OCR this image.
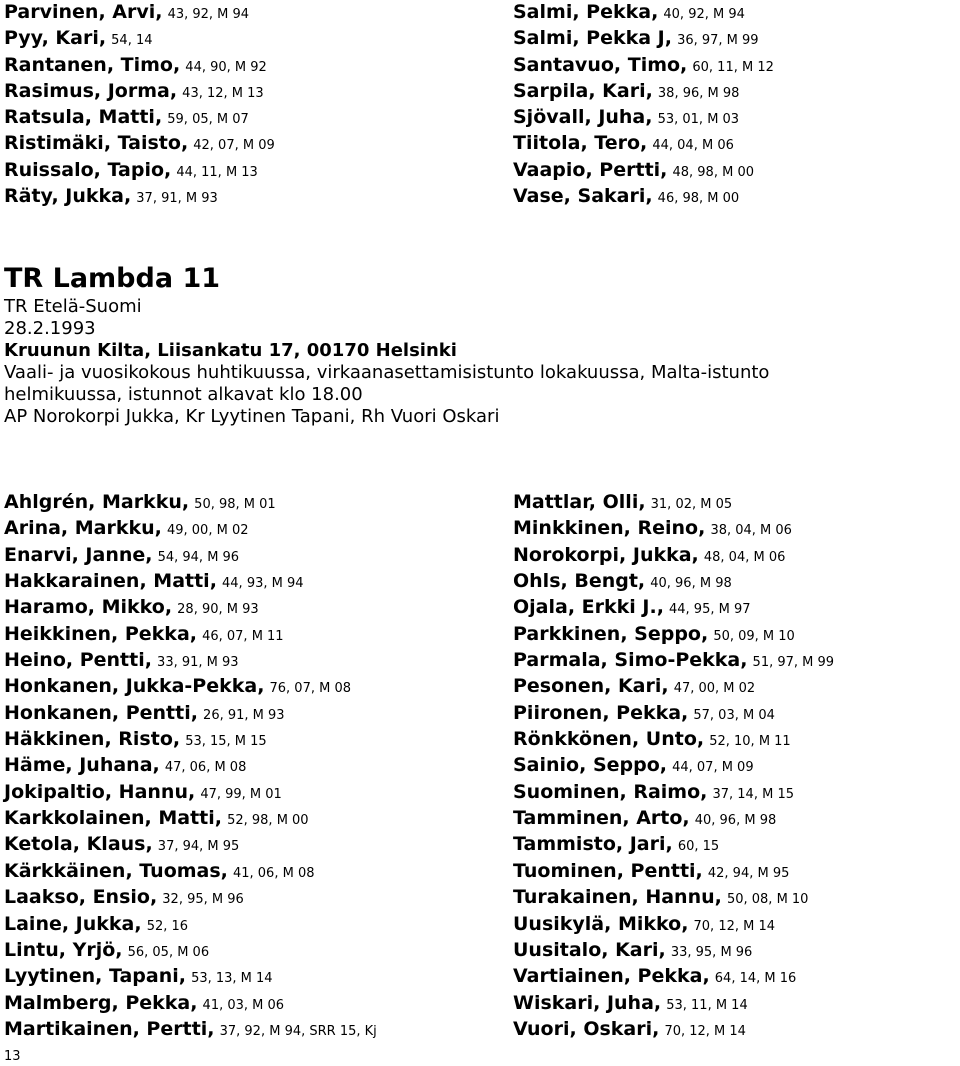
Parvinen, Arvi, 43, 92, M 94
Pyy, Kari, 54, 14
Rantanen, Timo, 44, 90, M 92
Rasimus, Jorma, 43, 12, M 13
Ratsula, Matti, 59, 05, M 07
Ristimäki, Taisto, 42, 07, M 09
Ruissalo, Tapio, 44, 11, M 13
Räty, Jukka, 37, 91, M 93
Salmi, Pekka, 40, 92, M 94
Salmi, Pekka J, 36, 97, M 99
Santavuo, Timo, 60, 11, M 12
Sarpila, Kari, 38, 96, M 98
Sjövall, Juha, 53, 01, M 03
Tiitola, Tero, 44, 04, M 06
Vaapio, Pertti, 48, 98, M 00
Vase, Sakari, 46, 98, M 00
TR Lambda 11
TR Etelä-Suomi
28.2.1993
Kruunun Kilta, Liisankatu 17, 00170 Helsinki
Vaali- ja vuosikokous huhtikuussa, virkaanasettamisistunto lokakuussa, Malta-istunto
helmikuussa, istunnot alkavat klo 18.00
AP Norokorpi Jukka, Kr Lyytinen Tapani, Rh Vuori Oskari
Ahlgrén, Markku, 50, 98, M 01
Arina, Markku, 49, 00, M 02
Enarvi, Janne, 54, 94, M 96
Hakkarainen, Matti, 44, 93, M 94
Haramo, Mikko, 28, 90, M 93
Heikkinen, Pekka, 46, 07, M 11
Heino, Pentti, 33, 91, M 93
Honkanen, Jukka-Pekka, 76, 07, M 08
Honkanen, Pentti, 26, 91, M 93
Häkkinen, Risto, 53, 15, M 15
Häme, Juhana, 47, 06, M 08
Jokipaltio, Hannu, 47, 99, M 01
Karkkolainen, Matti, 52, 98, M 00
Ketola, Klaus, 37, 94, M 95
Kärkkäinen, Tuomas, 41, 06, M 08
Laakso, Ensio, 32, 95, M 96
Laine, Jukka, 52, 16
Lintu, Yrjö, 56, 05, M 06
Lyytinen, Tapani, 53, 13, M 14
Malmberg, Pekka, 41, 03, M 06
Martikainen, Pertti, 37, 92, M 94, SRR 15, Kj
Mattlar, Olli, 31, 02, M 05
Minkkinen, Reino, 38, 04, M 06
Norokorpi, Jukka, 48, 04, M 06
Ohls, Bengt, 40, 96, M 98
Ojala, Erkki J., 44, 95, M 97
Parkkinen, Seppo, 50, 09, M 10
Parmala, Simo-Pekka, 51, 97, M 99
Pesonen, Kari, 47, 00, M 02
Piironen, Pekka, 57, 03, M 04
Rönkkönen, Unto, 52, 10, M 11
Sainio, Seppo, 44, 07, M 09
Suominen, Raimo, 37, 14, M 15
Tamminen, Arto, 40, 96, M 98
Tammisto, Jari, 60, 15
Tuominen, Pentti, 42, 94, M 95
Turakainen, Hannu, 50, 08, M 10
Uusikylä, Mikko, 70, 12, M 14
Uusitalo, Kari, 33, 95, M 96
Vartiainen, Pekka, 64, 14, M 16
Wiskari, Juha, 53, 11, M 14
Vuori, Oskari, 70, 12, M 14
13
